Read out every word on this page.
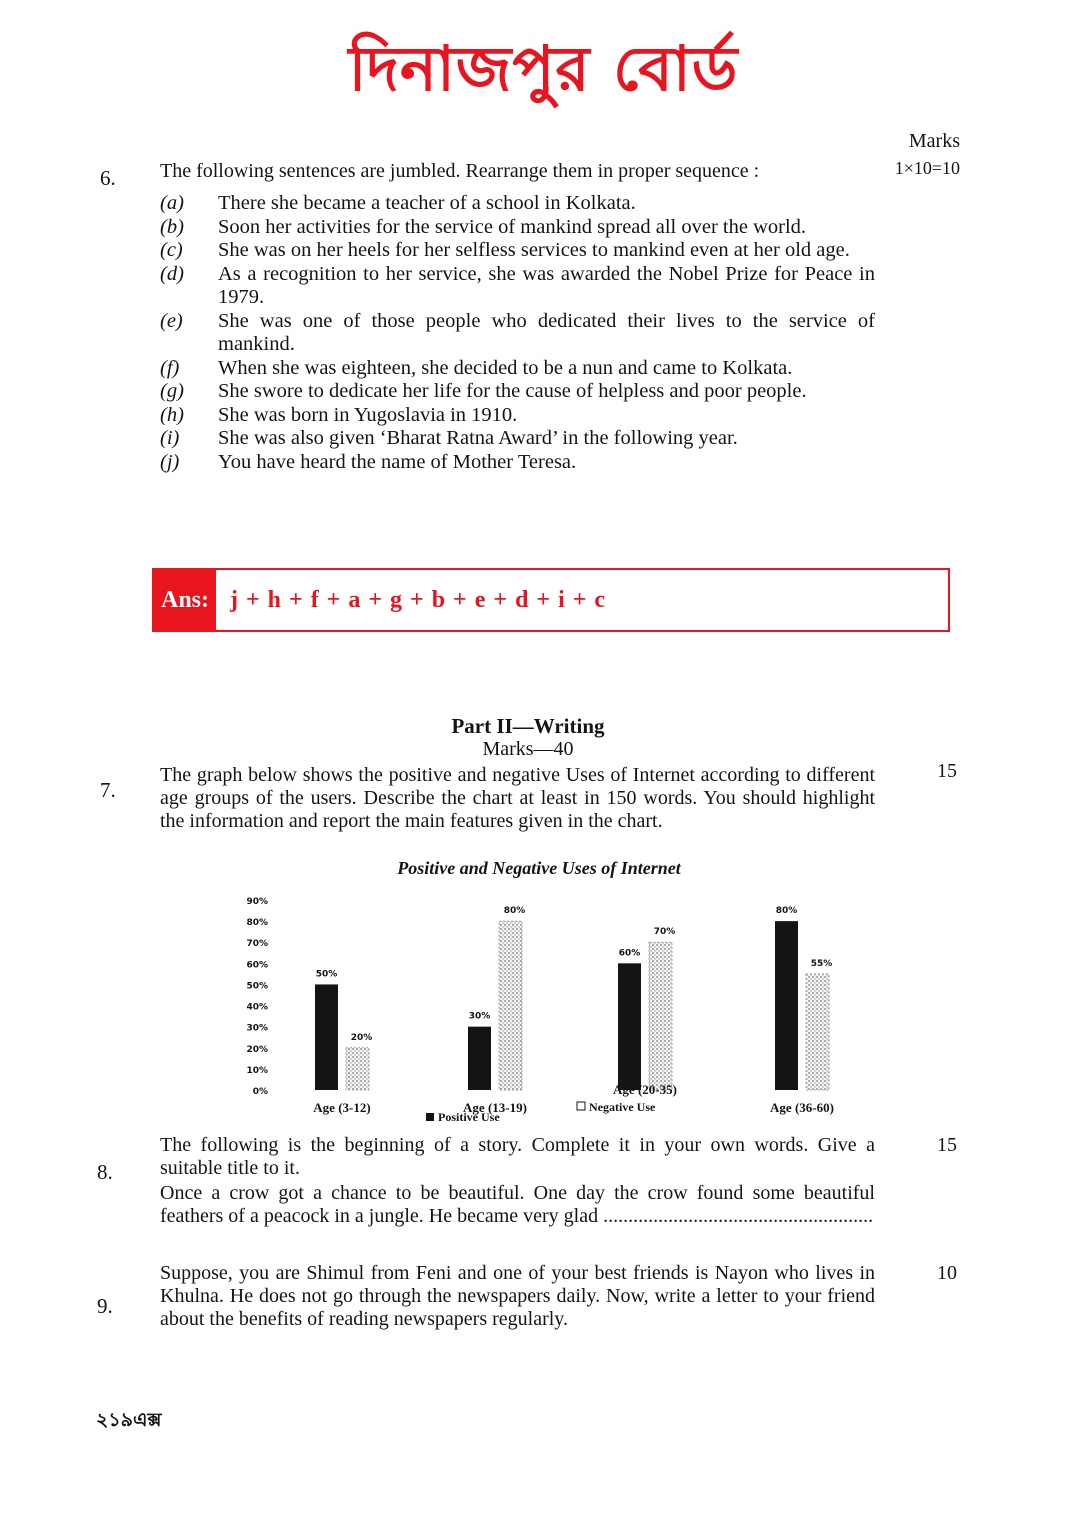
দিনাজপুর বোর্ড
Marks
6. The following sentences are jumbled. Rearrange them in proper sequence :	1×10=10
(a)	There she became a teacher of a school in Kolkata.
(b)	Soon her activities for the service of mankind spread all over the world.
(c)	She was on her heels for her selfless services to mankind even at her old age.
(d)	As a recognition to her service, she was awarded the Nobel Prize for Peace in 1979.
(e)	She was one of those people who dedicated their lives to the service of mankind.
(f)	When she was eighteen, she decided to be a nun and came to Kolkata.
(g)	She swore to dedicate her life for the cause of helpless and poor people.
(h)	She was born in Yugoslavia in 1910.
(i)	She was also given ‘Bharat Ratna Award’ in the following year.
(j)	You have heard the name of Mother Teresa.
Ans: j + h + f + a + g + b + e + d + i + c
Part II—Writing
Marks—40
7.
The graph below shows the positive and negative Uses of Internet according to different age groups of the users. Describe the chart at least in 150 words. You should highlight the information and report the main features given in the chart.
15
Positive and Negative Uses of Internet
0%
10%
20%
30%
40%
50%
60%
70%
80%
90%
50%
20%
Age (3-12)
30%
80%
Age (13-19)
60%
70%
Age (20-35)
80%
55%
Age (36-60)
Positive Use
Negative Use
8.
The following is the beginning of a story. Complete it in your own words. Give a suitable title to it.
Once a crow got a chance to be beautiful. One day the crow found some beautiful feathers of a peacock in a jungle. He became very glad ......................................................
15
9.
Suppose, you are Shimul from Feni and one of your best friends is Nayon who lives in Khulna. He does not go through the newspapers daily. Now, write a letter to your friend about the benefits of reading newspapers regularly.
10
২১৯এক্স
